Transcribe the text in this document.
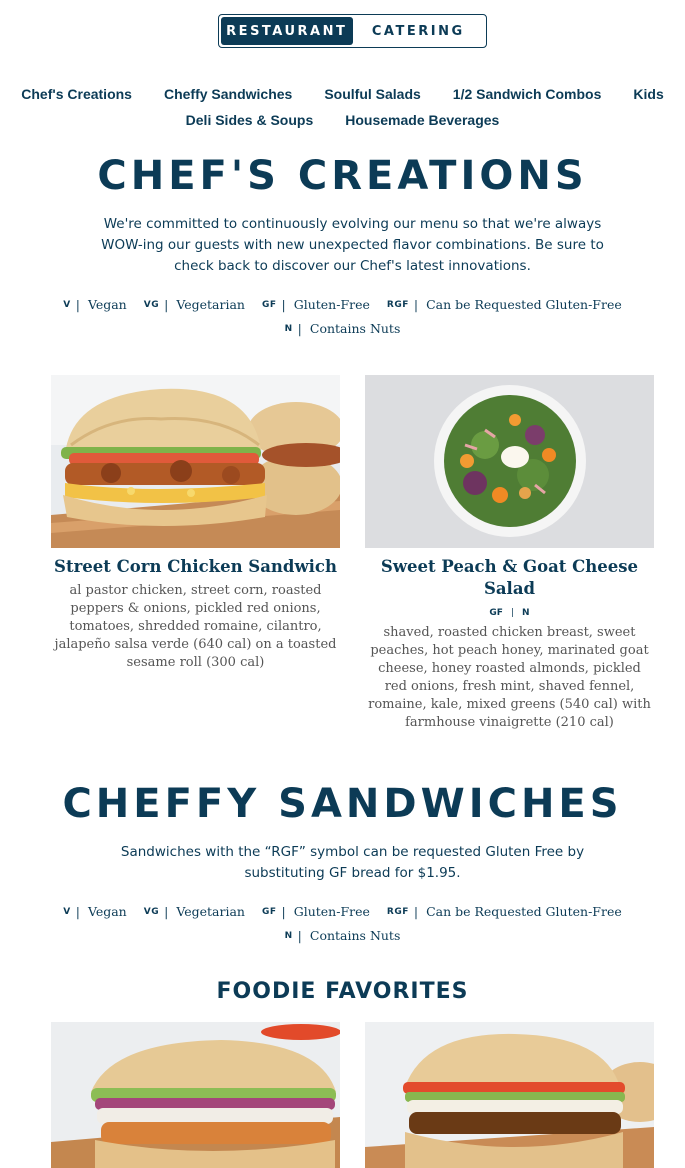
RESTAURANT	CATERING
Chef's Creations Cheffy Sandwiches Soulful Salads 1/2 Sandwich Combos Kids
Deli Sides & Soups Housemade Beverages
CHEF'S CREATIONS

We're committed to continuously evolving our menu so that we're always WOW-ing our guests with new unexpected flavor combinations. Be sure to check back to discover our Chef's latest innovations.

V | Vegan VG | Vegetarian GF | Gluten-Free RGF | Can be Requested Gluten-Free
N | Contains Nuts
Street Corn Chicken Sandwich
al pastor chicken, street corn, roasted peppers & onions, pickled red onions, tomatoes, shredded romaine, cilantro, jalapeño salsa verde (640 cal) on a toasted sesame roll (300 cal)
Sweet Peach & Goat Cheese Salad
GF | N
shaved, roasted chicken breast, sweet peaches, hot peach honey, marinated goat cheese, honey roasted almonds, pickled red onions, fresh mint, shaved fennel, romaine, kale, mixed greens (540 cal) with farmhouse vinaigrette (210 cal)
CHEFFY SANDWICHES

Sandwiches with the “RGF” symbol can be requested Gluten Free by substituting GF bread for $1.95.

V | Vegan VG | Vegetarian GF | Gluten-Free RGF | Can be Requested Gluten-Free
N | Contains Nuts
FOODIE FAVORITES
